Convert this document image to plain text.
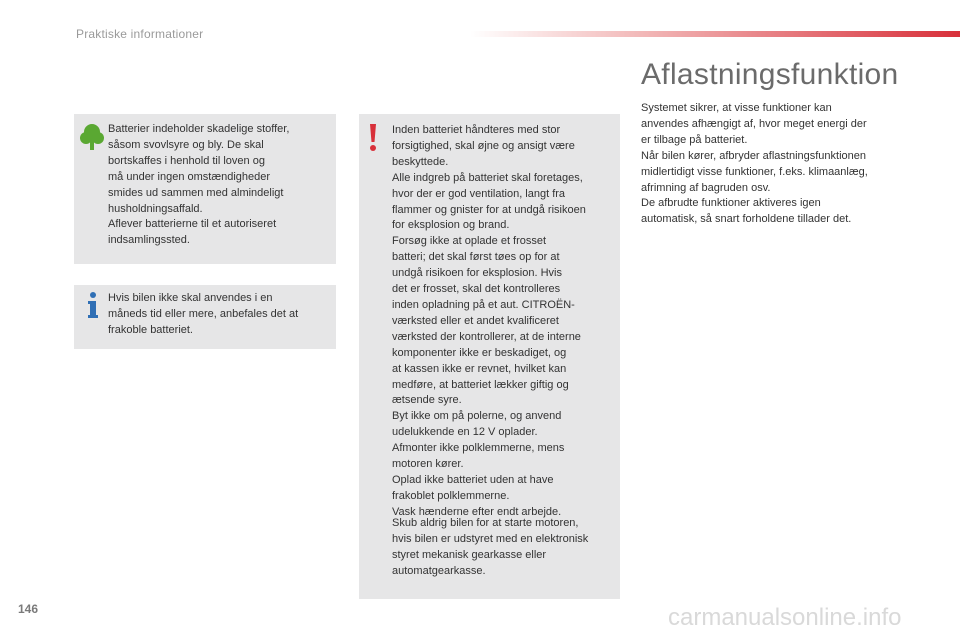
Praktiske informationer
Batterier indeholder skadelige stoffer,
såsom svovlsyre og bly. De skal
bortskaffes i henhold til loven og
må under ingen omstændigheder
smides ud sammen med almindeligt
husholdningsaffald.
Aflever batterierne til et autoriseret
indsamlingssted.
Hvis bilen ikke skal anvendes i en
måneds tid eller mere, anbefales det at
frakoble batteriet.
Inden batteriet håndteres med stor
forsigtighed, skal øjne og ansigt være
beskyttede.
Alle indgreb på batteriet skal foretages,
hvor der er god ventilation, langt fra
flammer og gnister for at undgå risikoen
for eksplosion og brand.
Forsøg ikke at oplade et frosset
batteri; det skal først tøes op for at
undgå risikoen for eksplosion. Hvis
det er frosset, skal det kontrolleres
inden opladning på et aut. CITROËN-
værksted eller et andet kvalificeret
værksted der kontrollerer, at de interne
komponenter ikke er beskadiget, og
at kassen ikke er revnet, hvilket kan
medføre, at batteriet lækker giftig og
ætsende syre.
Byt ikke om på polerne, og anvend
udelukkende en 12 V oplader.
Afmonter ikke polklemmerne, mens
motoren kører.
Oplad ikke batteriet uden at have
frakoblet polklemmerne.
Vask hænderne efter endt arbejde.
Skub aldrig bilen for at starte motoren,
hvis bilen er udstyret med en elektronisk
styret mekanisk gearkasse eller
automatgearkasse.
Aflastningsfunktion
Systemet sikrer, at visse funktioner kan
anvendes afhængigt af, hvor meget energi der
er tilbage på batteriet.
Når bilen kører, afbryder aflastningsfunktionen
midlertidigt visse funktioner, f.eks. klimaanlæg,
afrimning af bagruden osv.
De afbrudte funktioner aktiveres igen
automatisk, så snart forholdene tillader det.
146	carmanualsonline.info
